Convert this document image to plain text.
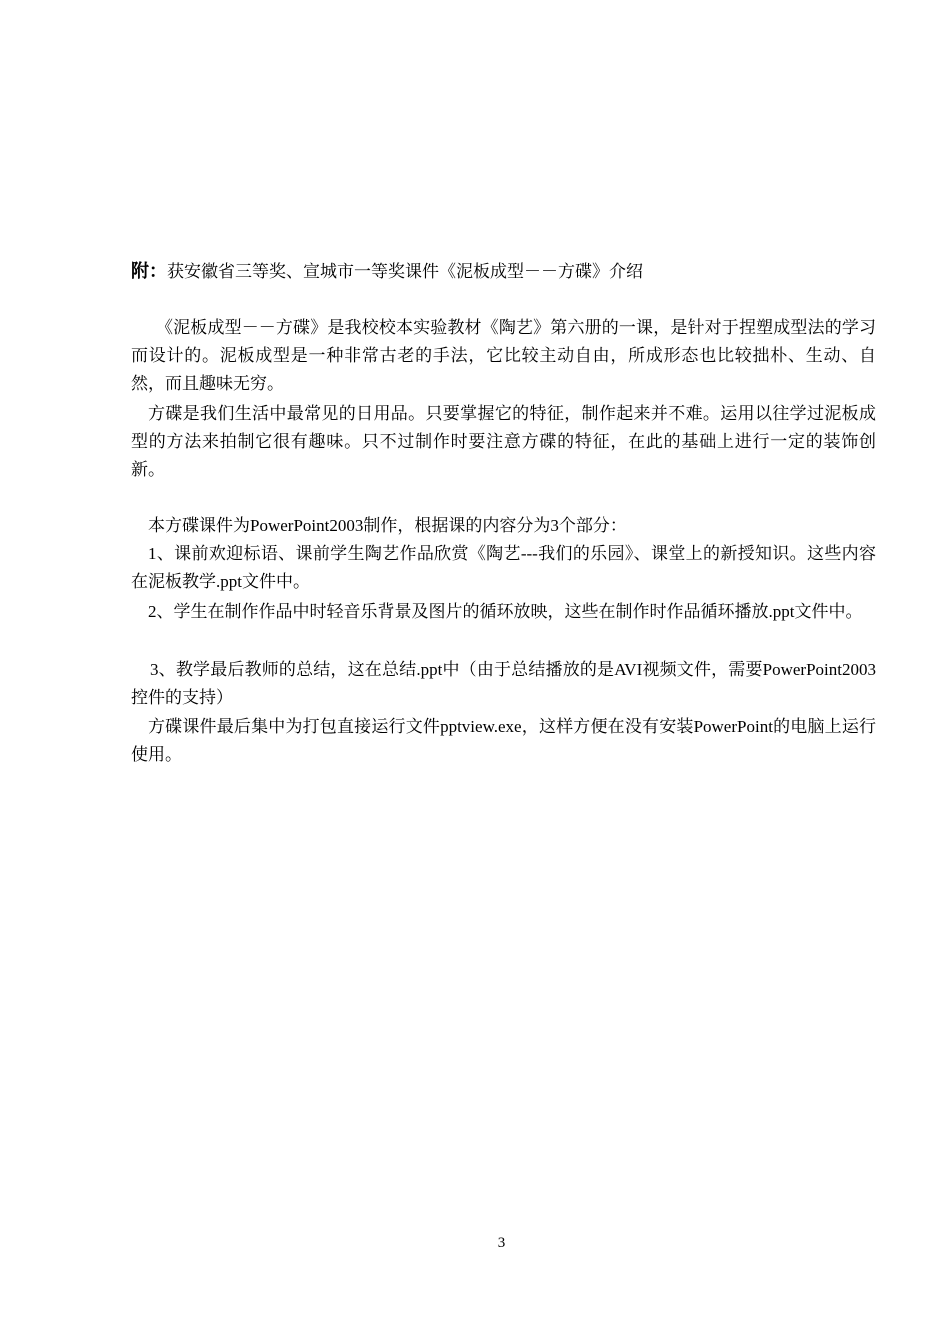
附：获安徽省三等奖、宣城市一等奖课件《泥板成型－－方碟》介绍

《泥板成型－－方碟》是我校校本实验教材《陶艺》第六册的一课，是针对于捏塑成型法的学习而设计的。泥板成型是一种非常古老的手法，它比较主动自由，所成形态也比较拙朴、生动、自然，而且趣味无穷。

方碟是我们生活中最常见的日用品。只要掌握它的特征，制作起来并不难。运用以往学过泥板成型的方法来拍制它很有趣味。只不过制作时要注意方碟的特征，在此的基础上进行一定的装饰创新。

本方碟课件为PowerPoint2003制作，根据课的内容分为3个部分：

1、课前欢迎标语、课前学生陶艺作品欣赏《陶艺---我们的乐园》、课堂上的新授知识。这些内容在泥板教学.ppt文件中。

2、学生在制作作品中时轻音乐背景及图片的循环放映，这些在制作时作品循环播放.ppt文件中。

3、教学最后教师的总结，这在总结.ppt中（由于总结播放的是AVI视频文件，需要PowerPoint2003控件的支持）

方碟课件最后集中为打包直接运行文件pptview.exe，这样方便在没有安装PowerPoint的电脑上运行使用。

3
